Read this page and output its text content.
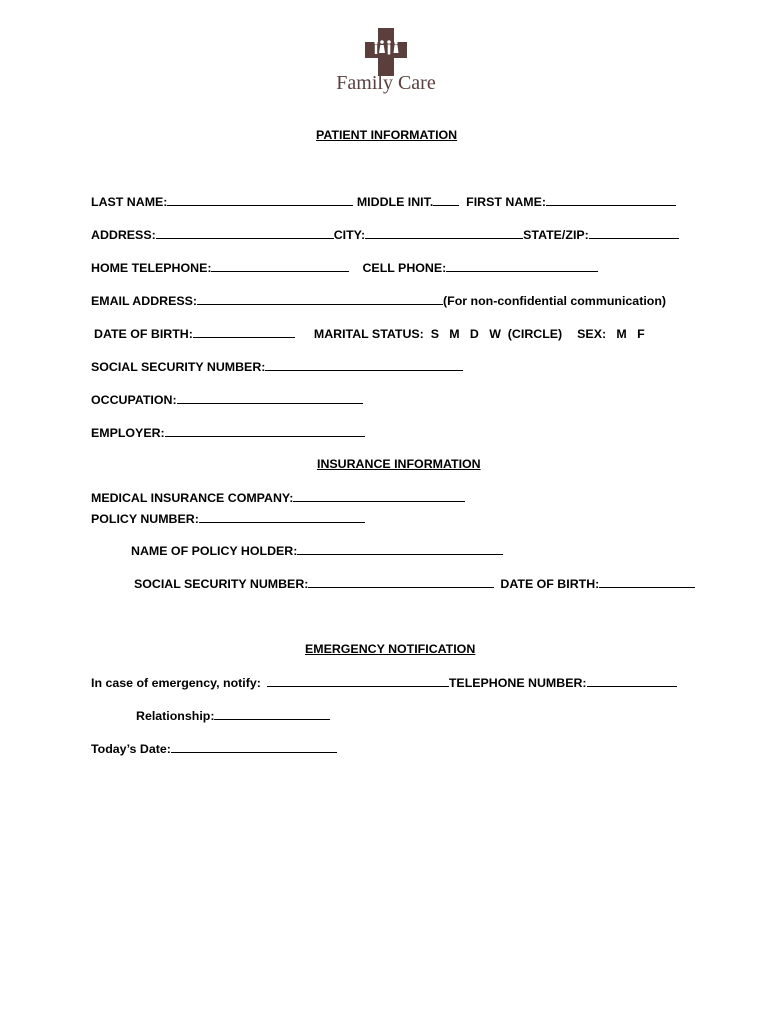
Family Care
PATIENT INFORMATION
LAST NAME:	MIDDLE INIT.	FIRST NAME:
ADDRESS:	CITY:	STATE/ZIP:
HOME TELEPHONE:	CELL PHONE:
EMAIL ADDRESS:	(For non-confidential communication)
DATE OF BIRTH:	MARITAL STATUS: S   M   D   W (CIRCLE) SEX: M   F
SOCIAL SECURITY NUMBER:
OCCUPATION:
EMPLOYER:
INSURANCE INFORMATION
MEDICAL INSURANCE COMPANY:
POLICY NUMBER:
NAME OF POLICY HOLDER:
SOCIAL SECURITY NUMBER:	DATE OF BIRTH:
EMERGENCY NOTIFICATION
In case of emergency, notify:	TELEPHONE NUMBER:
Relationship:
Today’s Date:
